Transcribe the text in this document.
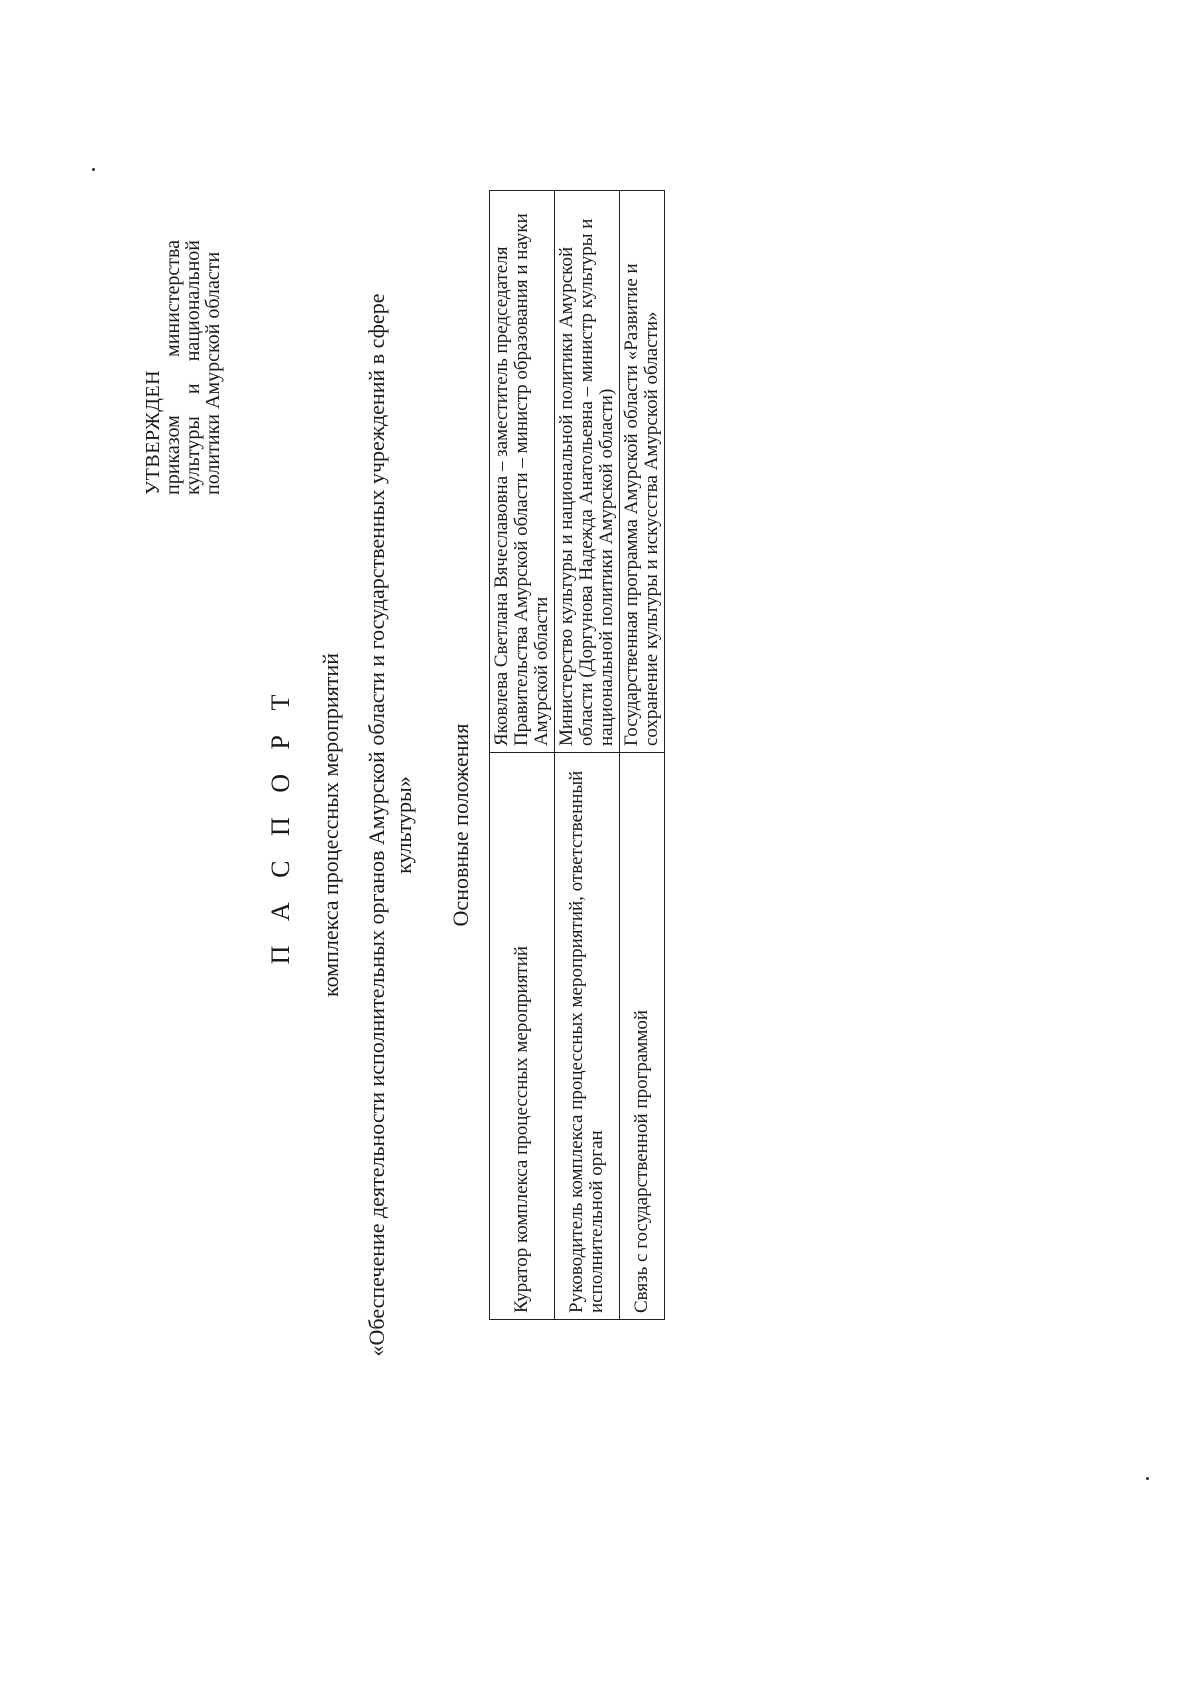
УТВЕРЖДЕН
приказом
министерства
культуры
и
национальной
политики Амурской области
П А С П О Р Т комплекса процессных мероприятий «Обеспечение деятельности исполнительных органов Амурской области и государственных учреждений в сфере культуры» Основные положения
Куратор комплекса процессных мероприятий	Яковлева Светлана Вячеславовна – заместитель председателя Правительства Амурской области – министр образования и науки Амурской области
Руководитель комплекса процессных мероприятий, ответственный исполнительной орган	Министерство культуры и национальной политики Амурской области (Доргунова Надежда Анатольевна – министр культуры и национальной политики Амурской области)
Связь с государственной программой	Государственная программа Амурской области «Развитие и сохранение культуры и искусства Амурской области»
